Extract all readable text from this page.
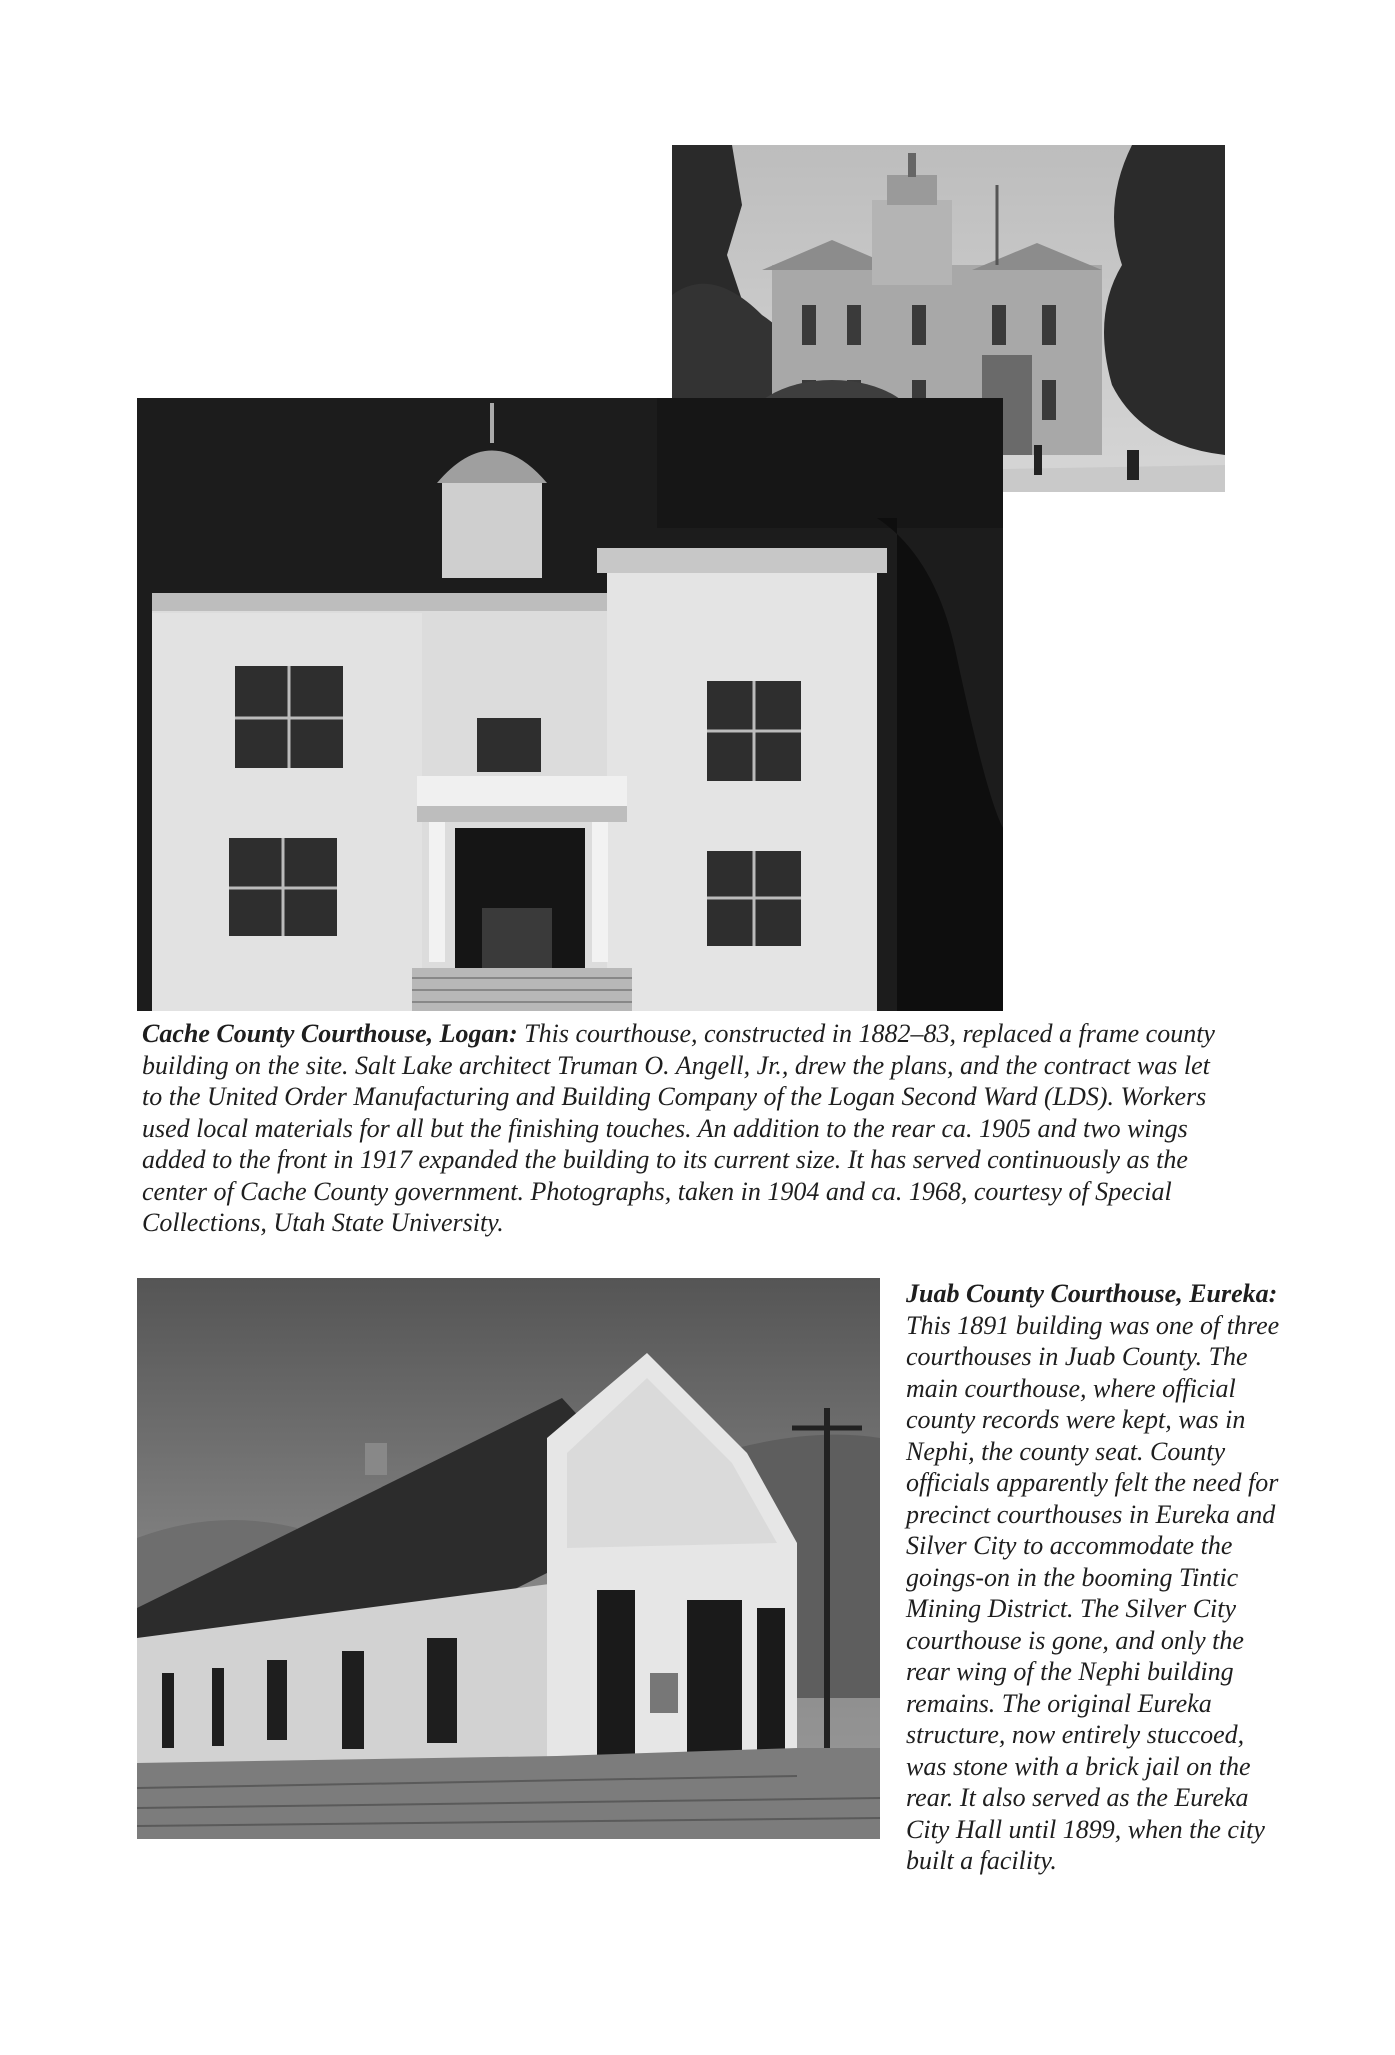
Cache County Courthouse, Logan: This courthouse, constructed in 1882–83, replaced a frame county building on the site. Salt Lake architect Truman O. Angell, Jr., drew the plans, and the contract was let to the United Order Manufacturing and Building Company of the Logan Second Ward (LDS). Workers used local materials for all but the finishing touches. An addition to the rear ca. 1905 and two wings added to the front in 1917 expanded the building to its current size. It has served continuously as the center of Cache County government. Photographs, taken in 1904 and ca. 1968, courtesy of Special Collections, Utah State University.

Juab County Courthouse, Eureka: This 1891 building was one of three courthouses in Juab County. The main courthouse, where official county records were kept, was in Nephi, the county seat. County officials apparently felt the need for precinct courthouses in Eureka and Silver City to accommodate the goings-on in the booming Tintic Mining District. The Silver City courthouse is gone, and only the rear wing of the Nephi building remains. The original Eureka structure, now entirely stuccoed, was stone with a brick jail on the rear. It also served as the Eureka City Hall until 1899, when the city built a facility.
